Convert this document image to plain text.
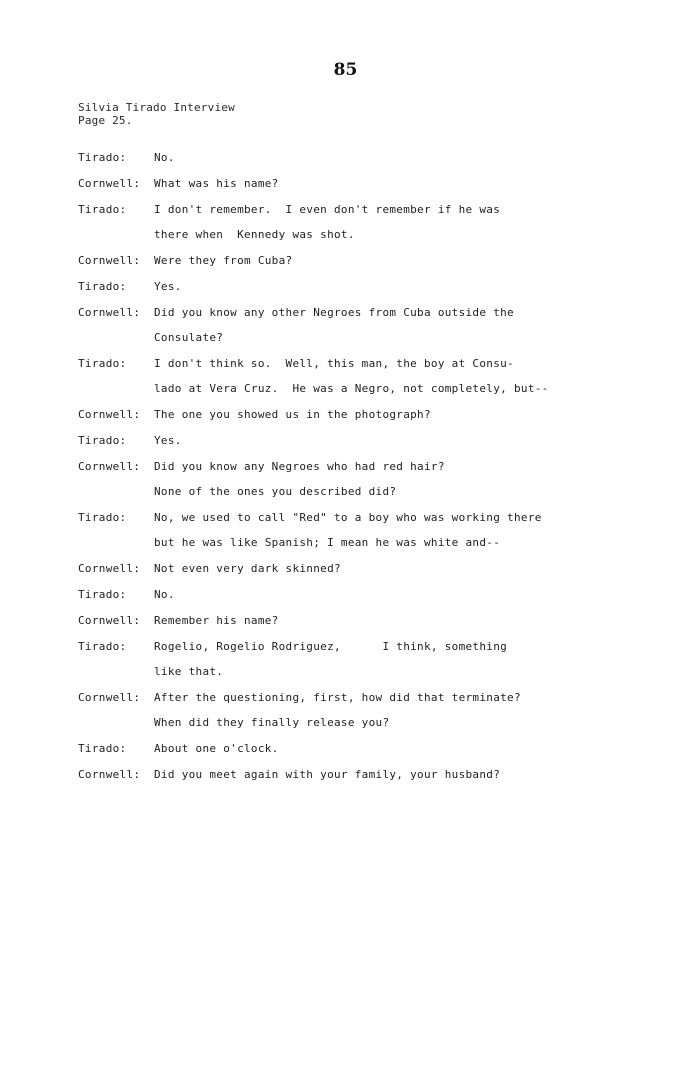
85
Silvia Tirado Interview
Page 25.
Tirado:	No.
Cornwell:	What was his name?
Tirado:	I don't remember.  I even don't remember if he was
there when  Kennedy was shot.
Cornwell:	Were they from Cuba?
Tirado:	Yes.
Cornwell:	Did you know any other Negroes from Cuba outside the
Consulate?
Tirado:	I don't think so.  Well, this man, the boy at Consu-
lado at Vera Cruz.  He was a Negro, not completely, but--
Cornwell:	The one you showed us in the photograph?
Tirado:	Yes.
Cornwell:	Did you know any Negroes who had red hair?
None of the ones you described did?
Tirado:	No, we used to call "Red" to a boy who was working there
but he was like Spanish; I mean he was white and--
Cornwell:	Not even very dark skinned?
Tirado:	No.
Cornwell:	Remember his name?
Tirado:	Rogelio, Rogelio Rodriguez,      I think, something
like that.
Cornwell:	After the questioning, first, how did that terminate?
When did they finally release you?
Tirado:	About one o'clock.
Cornwell:	Did you meet again with your family, your husband?
